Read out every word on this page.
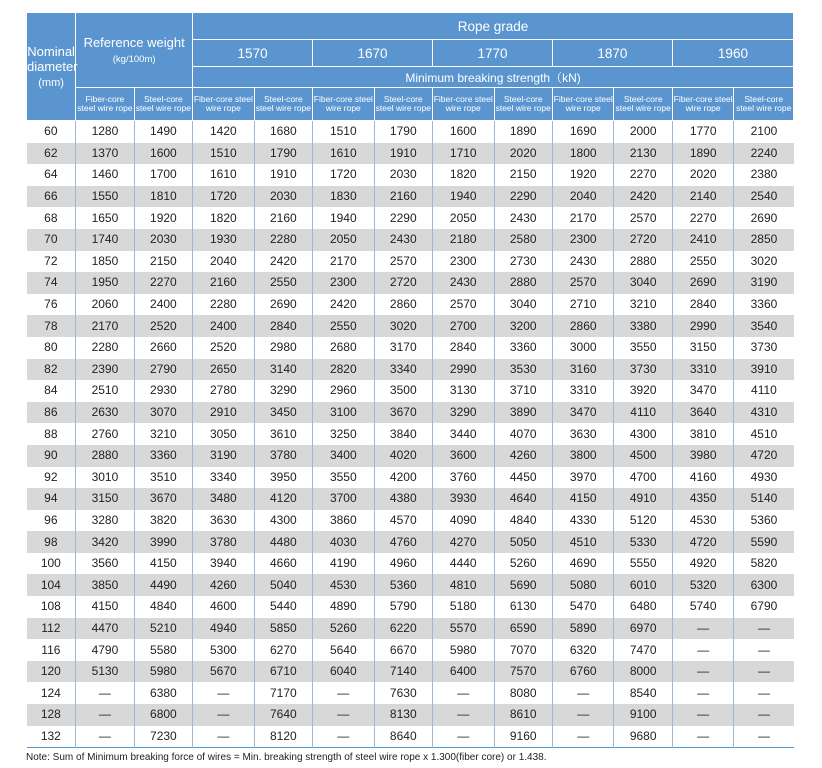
Nominal diameter
(mm)	Reference weight
(kg/100m)		Rope grade									
			1570		1670		1770		1870		1960	
			Minimum breaking strength（kN)									
	Fiber-core steel wire rope	Steel-core steel wire rope	Fiber-core steel wire rope	Steel-core steel wire rope	Fiber-core steel wire rope	Steel-core steel wire rope	Fiber-core steel wire rope	Steel-core steel wire rope	Fiber-core steel wire rope	Steel-core steel wire rope	Fiber-core steel wire rope	Steel-core steel wire rope
60	1280	1490	1420	1680	1510	1790	1600	1890	1690	2000	1770	2100
62	1370	1600	1510	1790	1610	1910	1710	2020	1800	2130	1890	2240
64	1460	1700	1610	1910	1720	2030	1820	2150	1920	2270	2020	2380
66	1550	1810	1720	2030	1830	2160	1940	2290	2040	2420	2140	2540
68	1650	1920	1820	2160	1940	2290	2050	2430	2170	2570	2270	2690
70	1740	2030	1930	2280	2050	2430	2180	2580	2300	2720	2410	2850
72	1850	2150	2040	2420	2170	2570	2300	2730	2430	2880	2550	3020
74	1950	2270	2160	2550	2300	2720	2430	2880	2570	3040	2690	3190
76	2060	2400	2280	2690	2420	2860	2570	3040	2710	3210	2840	3360
78	2170	2520	2400	2840	2550	3020	2700	3200	2860	3380	2990	3540
80	2280	2660	2520	2980	2680	3170	2840	3360	3000	3550	3150	3730
82	2390	2790	2650	3140	2820	3340	2990	3530	3160	3730	3310	3910
84	2510	2930	2780	3290	2960	3500	3130	3710	3310	3920	3470	4110
86	2630	3070	2910	3450	3100	3670	3290	3890	3470	4110	3640	4310
88	2760	3210	3050	3610	3250	3840	3440	4070	3630	4300	3810	4510
90	2880	3360	3190	3780	3400	4020	3600	4260	3800	4500	3980	4720
92	3010	3510	3340	3950	3550	4200	3760	4450	3970	4700	4160	4930
94	3150	3670	3480	4120	3700	4380	3930	4640	4150	4910	4350	5140
96	3280	3820	3630	4300	3860	4570	4090	4840	4330	5120	4530	5360
98	3420	3990	3780	4480	4030	4760	4270	5050	4510	5330	4720	5590
100	3560	4150	3940	4660	4190	4960	4440	5260	4690	5550	4920	5820
104	3850	4490	4260	5040	4530	5360	4810	5690	5080	6010	5320	6300
108	4150	4840	4600	5440	4890	5790	5180	6130	5470	6480	5740	6790
112	4470	5210	4940	5850	5260	6220	5570	6590	5890	6970	—	—
116	4790	5580	5300	6270	5640	6670	5980	7070	6320	7470	—	—
120	5130	5980	5670	6710	6040	7140	6400	7570	6760	8000	—	—
124	—	6380	—	7170	—	7630	—	8080	—	8540	—	—
128	—	6800	—	7640	—	8130	—	8610	—	9100	—	—
132	—	7230	—	8120	—	8640	—	9160	—	9680	—	—
Note: Sum of Minimum breaking force of wires = Min. breaking strength of steel wire rope x 1.300(fiber core) or 1.438.
